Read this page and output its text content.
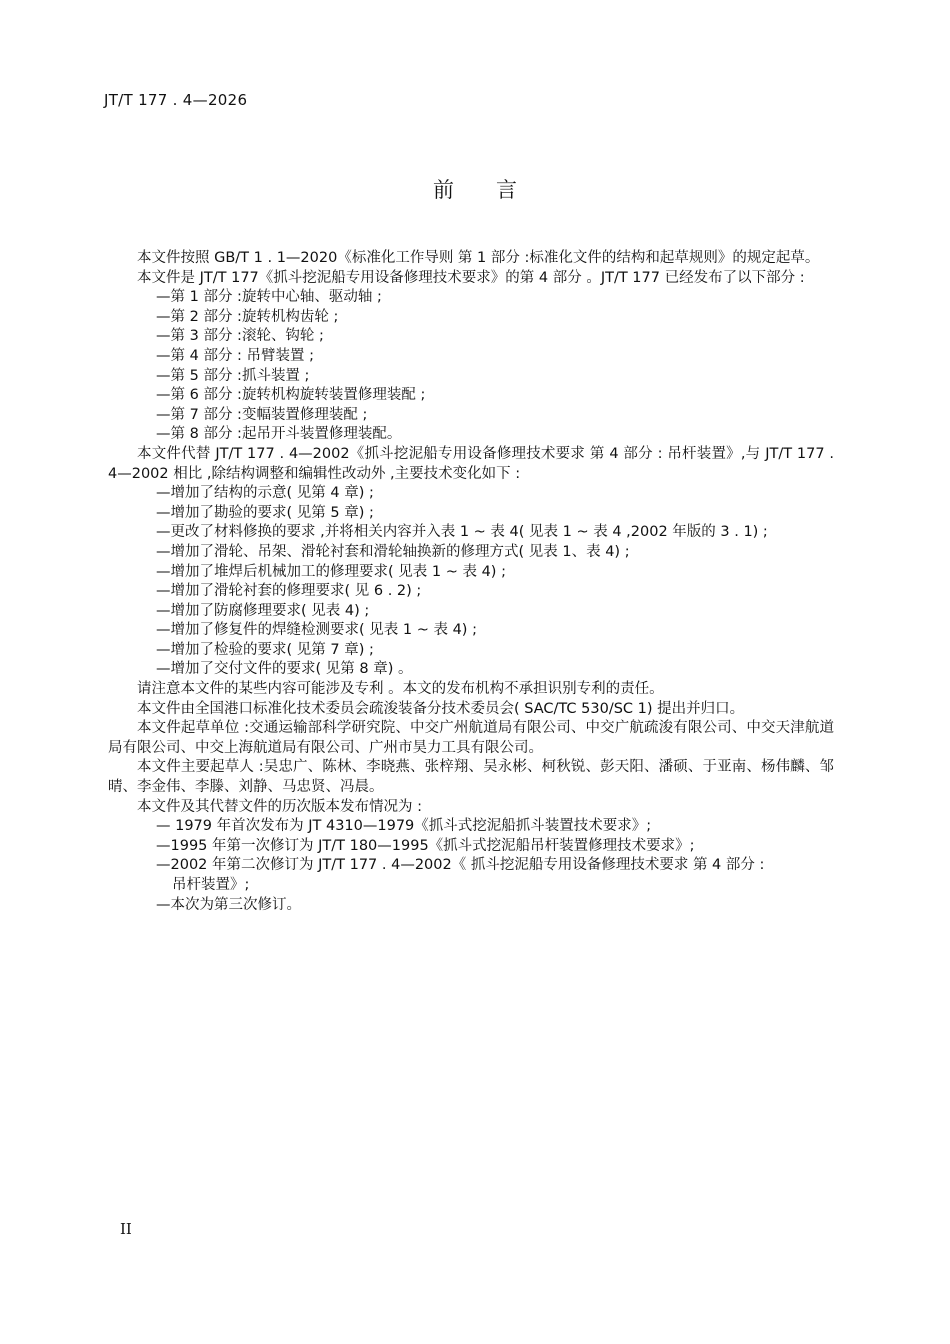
JT/T 177 . 4—2026
前言

本文件按照 GB/T 1 . 1—2020《标准化工作导则 第 1 部分 :标准化文件的结构和起草规则》的规定起草。

本文件是 JT/T 177《抓斗挖泥船专用设备修理技术要求》的第 4 部分 。JT/T 177 已经发布了以下部分 :

—第 1 部分 :旋转中心轴、驱动轴 ;

—第 2 部分 :旋转机构齿轮 ;

—第 3 部分 :滚轮、钩轮 ;

—第 4 部分 : 吊臂装置 ;

—第 5 部分 :抓斗装置 ;

—第 6 部分 :旋转机构旋转装置修理装配 ;

—第 7 部分 :变幅装置修理装配 ;

—第 8 部分 :起吊开斗装置修理装配。

本文件代替 JT/T 177 . 4—2002《抓斗挖泥船专用设备修理技术要求 第 4 部分 : 吊杆装置》,与 JT/T 177 . 4—2002 相比 ,除结构调整和编辑性改动外 ,主要技术变化如下 :

—增加了结构的示意( 见第 4 章) ;

—增加了勘验的要求( 见第 5 章) ;

—更改了材料修换的要求 ,并将相关内容并入表 1 ~ 表 4( 见表 1 ~ 表 4 ,2002 年版的 3 . 1) ;

—增加了滑轮、吊架、滑轮衬套和滑轮轴换新的修理方式( 见表 1、表 4) ;

—增加了堆焊后机械加工的修理要求( 见表 1 ~ 表 4) ;

—增加了滑轮衬套的修理要求( 见 6 . 2) ;

—增加了防腐修理要求( 见表 4) ;

—增加了修复件的焊缝检测要求( 见表 1 ~ 表 4) ;

—增加了检验的要求( 见第 7 章) ;

—增加了交付文件的要求( 见第 8 章) 。

请注意本文件的某些内容可能涉及专利 。本文的发布机构不承担识别专利的责任。

本文件由全国港口标准化技术委员会疏浚装备分技术委员会( SAC/TC 530/SC 1) 提出并归口。

本文件起草单位 :交通运输部科学研究院、中交广州航道局有限公司、中交广航疏浚有限公司、中交天津航道局有限公司、中交上海航道局有限公司、广州市昊力工具有限公司。

本文件主要起草人 :吴忠广、陈林、李晓燕、张梓翔、吴永彬、柯秋锐、彭天阳、潘硕、于亚南、杨伟麟、邹晴、李金伟、李滕、刘静、马忠贤、冯晨。

本文件及其代替文件的历次版本发布情况为 :

— 1979 年首次发布为 JT 4310—1979《抓斗式挖泥船抓斗装置技术要求》;

—1995 年第一次修订为 JT/T 180—1995《抓斗式挖泥船吊杆装置修理技术要求》;

—2002 年第二次修订为 JT/T 177 . 4—2002《 抓斗挖泥船专用设备修理技术要求 第 4 部分 :
吊杆装置》;

—本次为第三次修订。

II
